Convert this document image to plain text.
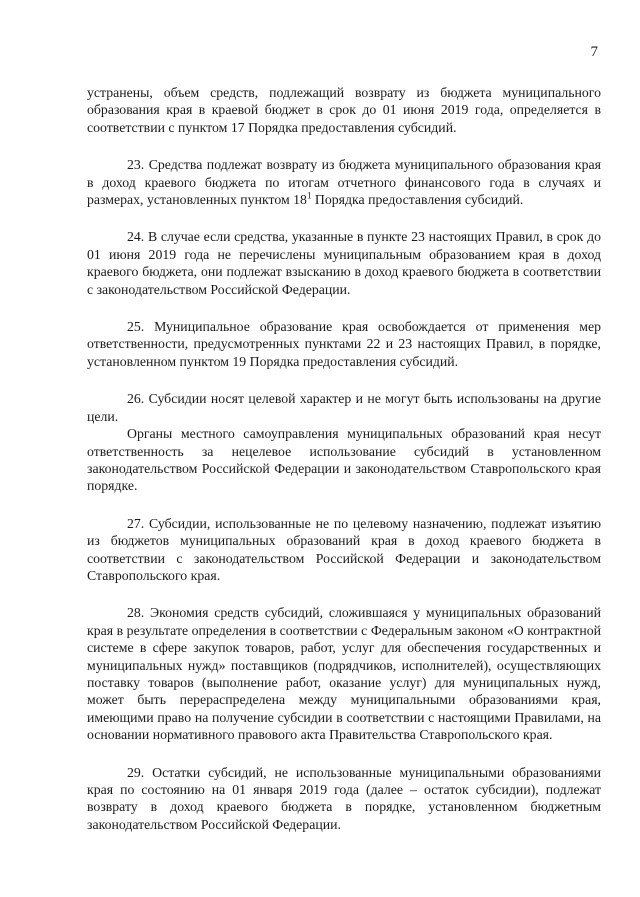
7

устранены, объем средств, подлежащий возврату из бюджета муниципального образования края в краевой бюджет в срок до 01 июня 2019 года, определяется в соответствии с пунктом 17 Порядка предоставления субсидий.

23. Средства подлежат возврату из бюджета муниципального образования края в доход краевого бюджета по итогам отчетного финансового года в случаях и размерах, установленных пунктом $18^1$ Порядка предоставления субсидий.

24. В случае если средства, указанные в пункте 23 настоящих Правил, в срок до 01 июня 2019 года не перечислены муниципальным образованием края в доход краевого бюджета, они подлежат взысканию в доход краевого бюджета в соответствии с законодательством Российской Федерации.

25. Муниципальное образование края освобождается от применения мер ответственности, предусмотренных пунктами 22 и 23 настоящих Правил, в порядке, установленном пунктом 19 Порядка предоставления субсидий.

26. Субсидии носят целевой характер и не могут быть использованы на другие цели.

Органы местного самоуправления муниципальных образований края несут ответственность за нецелевое использование субсидий в установленном законодательством Российской Федерации и законодательством Ставропольского края порядке.

27. Субсидии, использованные не по целевому назначению, подлежат изъятию из бюджетов муниципальных образований края в доход краевого бюджета в соответствии с законодательством Российской Федерации и законодательством Ставропольского края.

28. Экономия средств субсидий, сложившаяся у муниципальных образований края в результате определения в соответствии с Федеральным законом «О контрактной системе в сфере закупок товаров, работ, услуг для обеспечения государственных и муниципальных нужд» поставщиков (подрядчиков, исполнителей), осуществляющих поставку товаров (выполнение работ, оказание услуг) для муниципальных нужд, может быть перераспределена между муниципальными образованиями края, имеющими право на получение субсидии в соответствии с настоящими Правилами, на основании нормативного правового акта Правительства Ставропольского края.

29. Остатки субсидий, не использованные муниципальными образованиями края по состоянию на 01 января 2019 года (далее – остаток субсидии), подлежат возврату в доход краевого бюджета в порядке, установленном бюджетным законодательством Российской Федерации.
